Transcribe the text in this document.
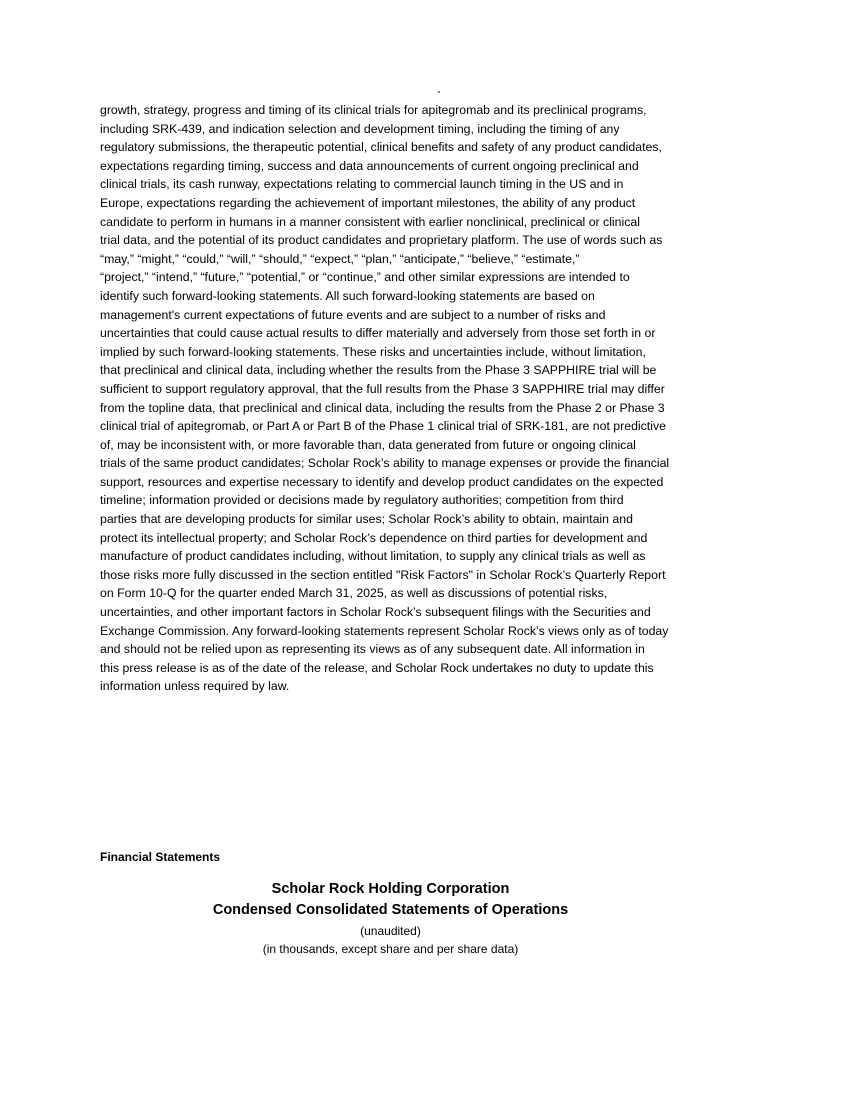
growth, strategy, progress and timing of its clinical trials for apitegromab and its preclinical programs,
including SRK-439, and indication selection and development timing, including the timing of any
regulatory submissions, the therapeutic potential, clinical benefits and safety of any product candidates,
expectations regarding timing, success and data announcements of current ongoing preclinical and
clinical trials, its cash runway, expectations relating to commercial launch timing in the US and in
Europe, expectations regarding the achievement of important milestones, the ability of any product
candidate to perform in humans in a manner consistent with earlier nonclinical, preclinical or clinical
trial data, and the potential of its product candidates and proprietary platform. The use of words such as
“may,” “might,” “could,” “will,” “should,” “expect,” “plan,” “anticipate,” “believe,” “estimate,”
“project,” “intend,” “future,” “potential,” or “continue,” and other similar expressions are intended to
identify such forward-looking statements. All such forward-looking statements are based on
management's current expectations of future events and are subject to a number of risks and
uncertainties that could cause actual results to differ materially and adversely from those set forth in or
implied by such forward-looking statements. These risks and uncertainties include, without limitation,
that preclinical and clinical data, including whether the results from the Phase 3 SAPPHIRE trial will be
sufficient to support regulatory approval, that the full results from the Phase 3 SAPPHIRE trial may differ
from the topline data, that preclinical and clinical data, including the results from the Phase 2 or Phase 3
clinical trial of apitegromab, or Part A or Part B of the Phase 1 clinical trial of SRK-181, are not predictive
of, may be inconsistent with, or more favorable than, data generated from future or ongoing clinical
trials of the same product candidates; Scholar Rock’s ability to manage expenses or provide the financial
support, resources and expertise necessary to identify and develop product candidates on the expected
timeline; information provided or decisions made by regulatory authorities; competition from third
parties that are developing products for similar uses; Scholar Rock’s ability to obtain, maintain and
protect its intellectual property; and Scholar Rock’s dependence on third parties for development and
manufacture of product candidates including, without limitation, to supply any clinical trials as well as
those risks more fully discussed in the section entitled "Risk Factors" in Scholar Rock’s Quarterly Report
on Form 10-Q for the quarter ended March 31, 2025, as well as discussions of potential risks,
uncertainties, and other important factors in Scholar Rock’s subsequent filings with the Securities and
Exchange Commission. Any forward-looking statements represent Scholar Rock’s views only as of today
and should not be relied upon as representing its views as of any subsequent date. All information in
this press release is as of the date of the release, and Scholar Rock undertakes no duty to update this
information unless required by law.
Financial Statements
Scholar Rock Holding Corporation
Condensed Consolidated Statements of Operations
(unaudited)
(in thousands, except share and per share data)
